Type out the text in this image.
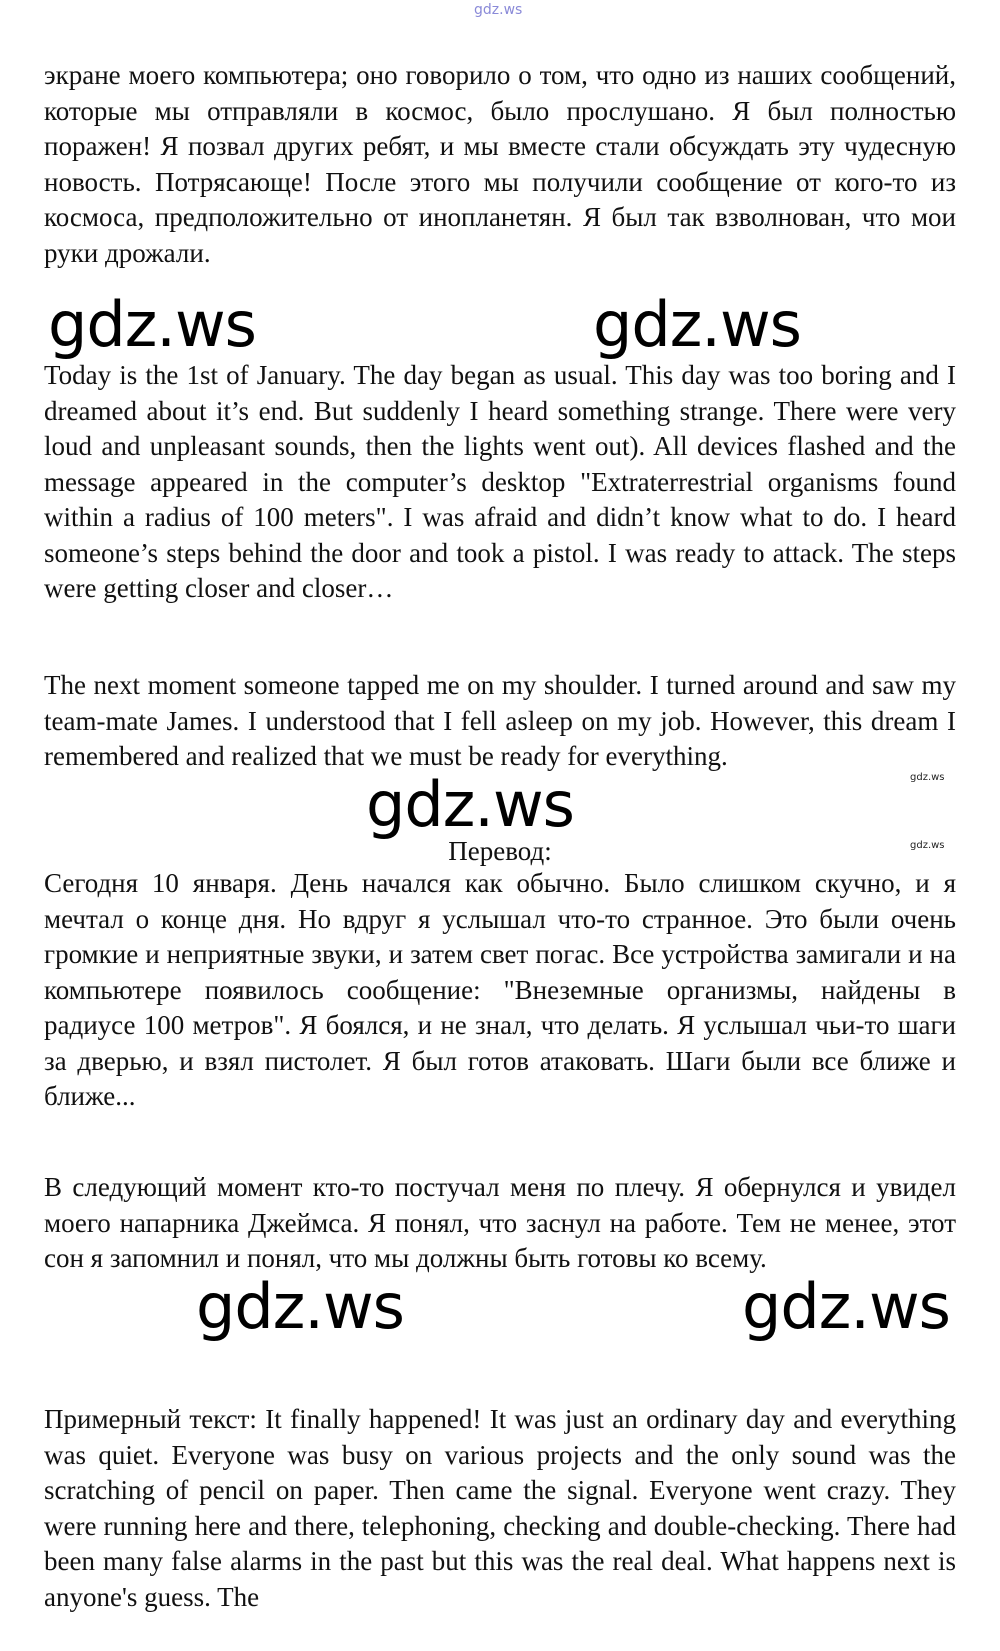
gdz.ws

экране моего компьютера; оно говорило о том, что одно из наших сообщений, которые мы отправляли в космос, было прослушано. Я был полностью поражен! Я позвал других ребят, и мы вместе стали обсуждать эту чудесную новость. Потрясающе! После этого мы получили сообщение от кого-то из космоса, предположительно от инопланетян. Я был так взволнован, что мои руки дрожали.

gdz.ws	gdz.ws

Today is the 1st of January. The day began as usual. This day was too boring and I dreamed about it’s end. But suddenly I heard something strange. There were very loud and unpleasant sounds, then the lights went out). All devices flashed and the message appeared in the computer’s desktop "Extraterrestrial organisms found within a radius of 100 meters". I was afraid and didn’t know what to do. I heard someone’s steps behind the door and took a pistol. I was ready to attack. The steps were getting closer and closer…

The next moment someone tapped me on my shoulder. I turned around and saw my team-mate James. I understood that I fell asleep on my job. However, this dream I remembered and realized that we must be ready for everything.

gdz.ws
gdz.ws

Перевод:	gdz.ws

Сегодня 10 января. День начался как обычно. Было слишком скучно, и я мечтал о конце дня. Но вдруг я услышал что-то странное. Это были очень громкие и неприятные звуки, и затем свет погас. Все устройства замигали и на компьютере появилось сообщение: "Внеземные организмы, найдены в радиусе 100 метров". Я боялся, и не знал, что делать. Я услышал чьи-то шаги за дверью, и взял пистолет. Я был готов атаковать. Шаги были все ближе и ближе...

В следующий момент кто-то постучал меня по плечу. Я обернулся и увидел моего напарника Джеймса. Я понял, что заснул на работе. Тем не менее, этот сон я запомнил и понял, что мы должны быть готовы ко всему.

gdz.ws	gdz.ws

Примерный текст: It finally happened! It was just an ordinary day and everything was quiet. Everyone was busy on various projects and the only sound was the scratching of pencil on paper. Then came the signal. Everyone went crazy. They were running here and there, telephoning, checking and double-checking. There had been many false alarms in the past but this was the real deal. What happens next is anyone's guess. The
